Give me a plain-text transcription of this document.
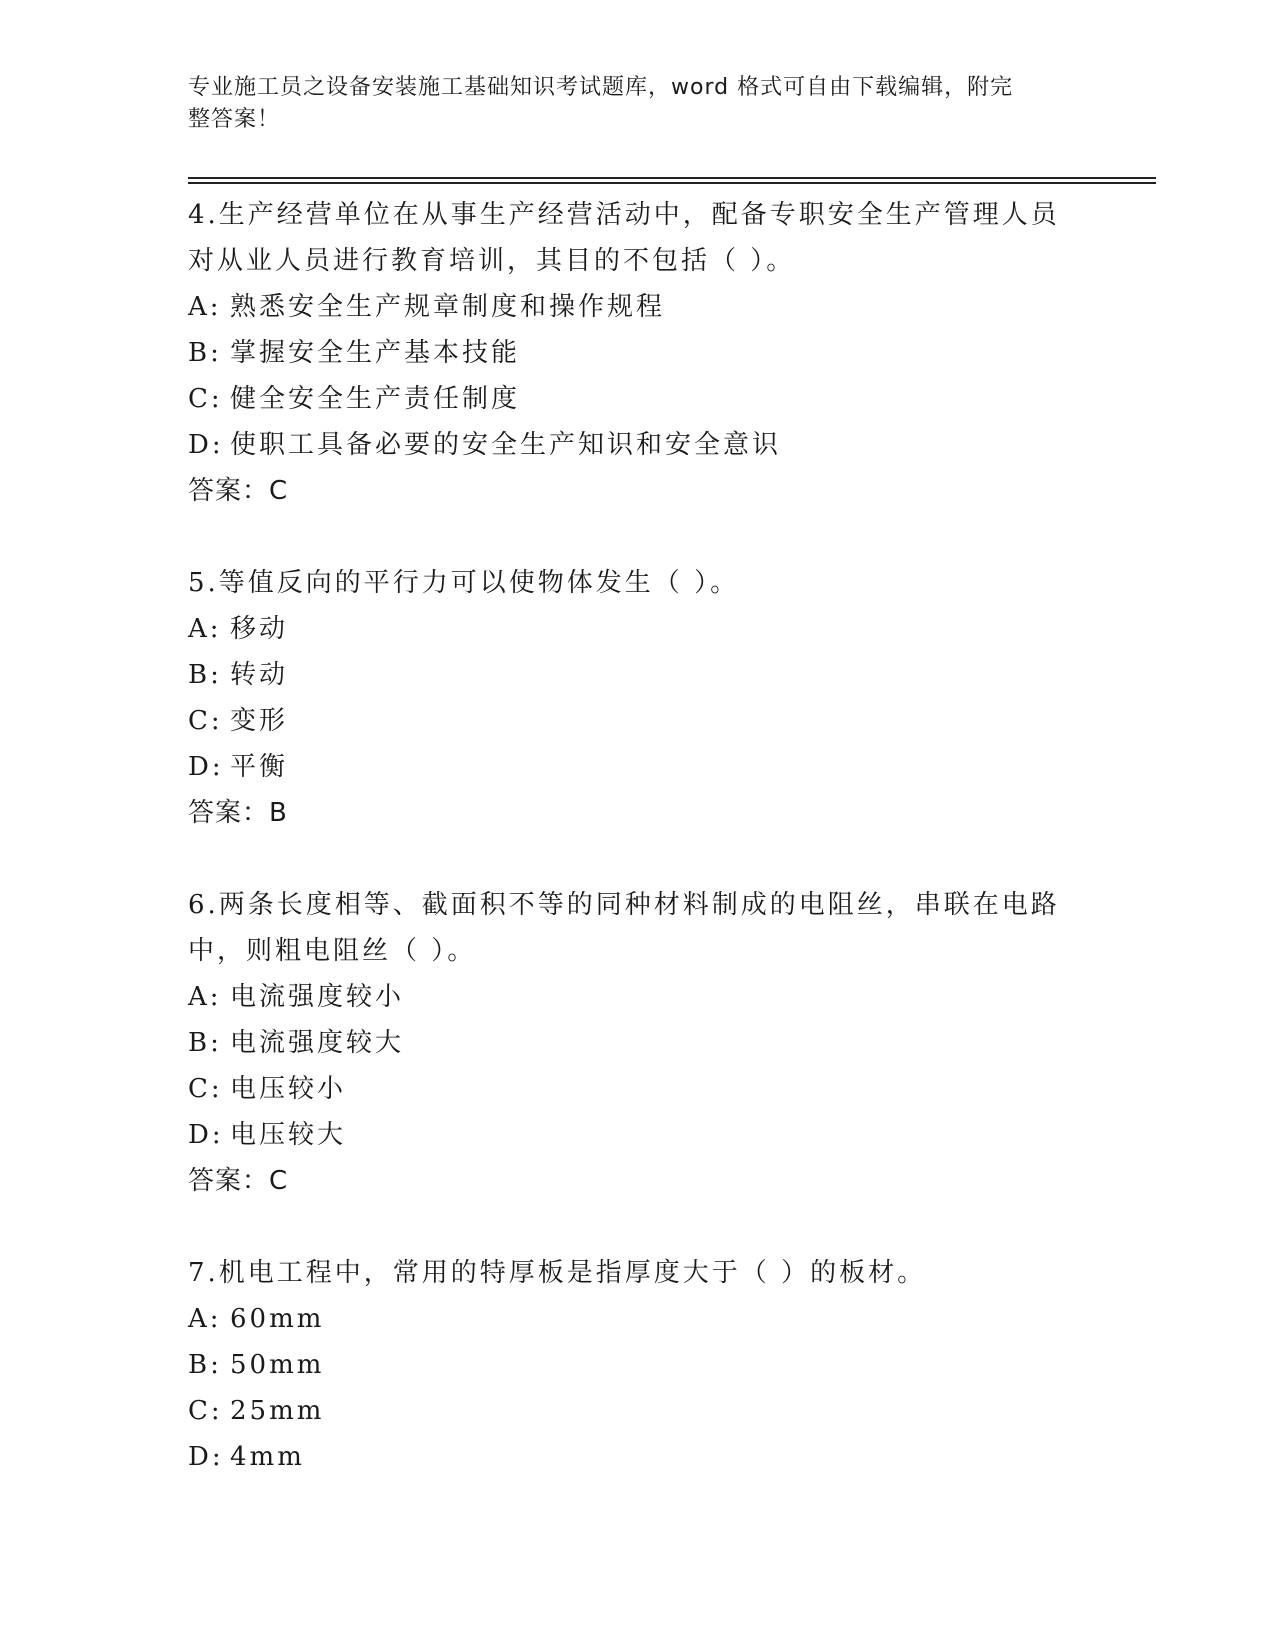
专业施工员之设备安装施工基础知识考试题库，word 格式可自由下载编辑，附完
整答案！

4.生产经营单位在从事生产经营活动中，配备专职安全生产管理人员

对从业人员进行教育培训，其目的不包括（ ）。

A: 熟悉安全生产规章制度和操作规程
B: 掌握安全生产基本技能
C: 健全安全生产责任制度
D: 使职工具备必要的安全生产知识和安全意识

答案：C

5.等值反向的平行力可以使物体发生（ ）。

A: 移动
B: 转动
C: 变形
D: 平衡

答案：B

6.两条长度相等、截面积不等的同种材料制成的电阻丝，串联在电路

中，则粗电阻丝（ ）。

A: 电流强度较小
B: 电流强度较大
C: 电压较小
D: 电压较大

答案：C

7.机电工程中，常用的特厚板是指厚度大于（ ）的板材。

A: 60mm
B: 50mm
C: 25mm
D: 4mm
